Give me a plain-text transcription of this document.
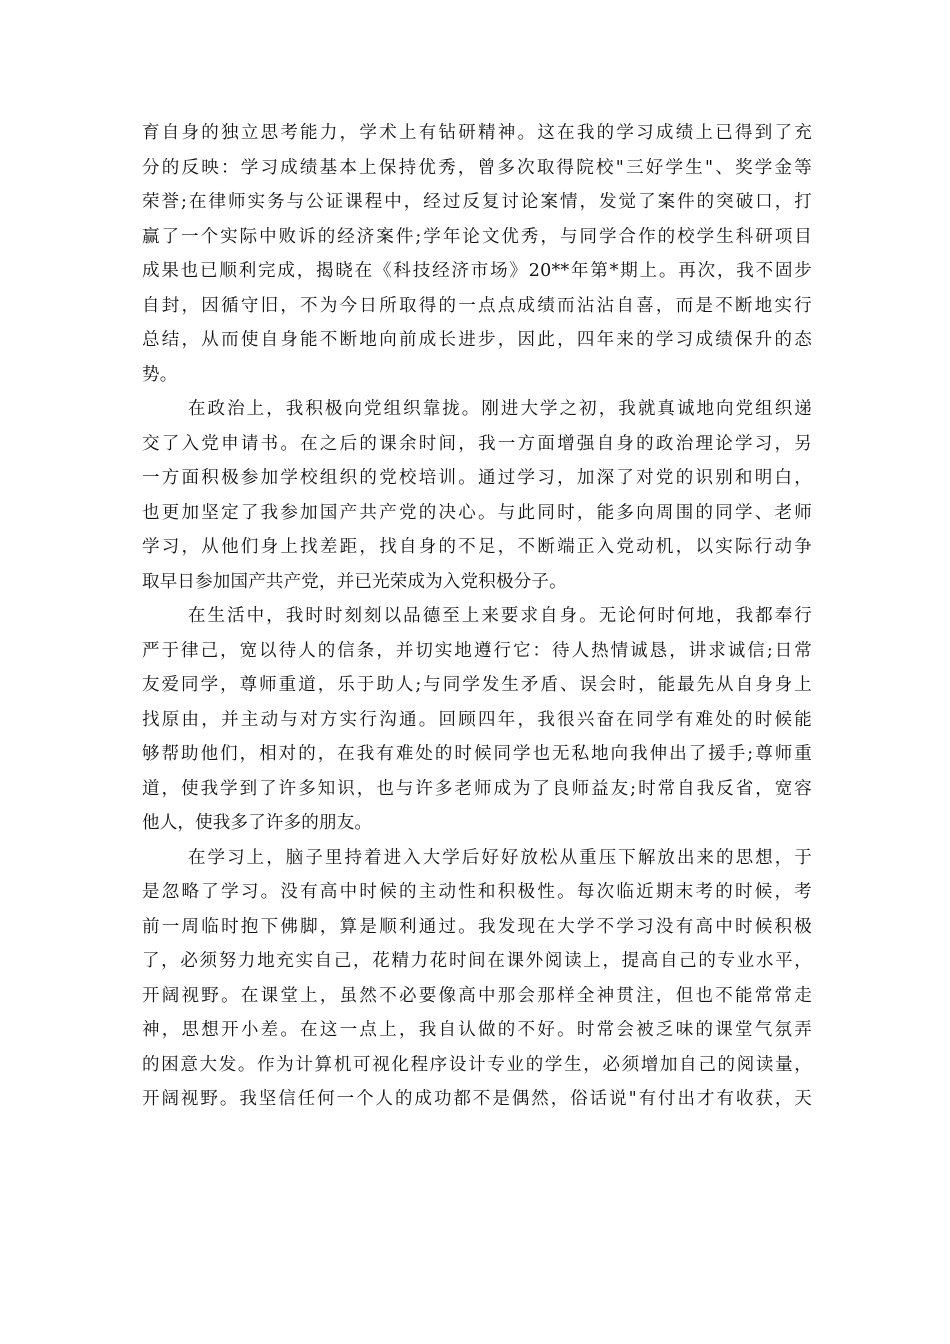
育自身的独立思考能力，学术上有钻研精神。这在我的学习成绩上已得到了充
分的反映：学习成绩基本上保持优秀，曾多次取得院校"三好学生"、奖学金等
荣誉;在律师实务与公证课程中，经过反复讨论案情，发觉了案件的突破口，打
赢了一个实际中败诉的经济案件;学年论文优秀，与同学合作的校学生科研项目
成果也已顺利完成，揭晓在《科技经济市场》20**年第*期上。再次，我不固步
自封，因循守旧，不为今日所取得的一点点成绩而沾沾自喜，而是不断地实行
总结，从而使自身能不断地向前成长进步，因此，四年来的学习成绩保升的态
势。
在政治上，我积极向党组织靠拢。刚进大学之初，我就真诚地向党组织递
交了入党申请书。在之后的课余时间，我一方面增强自身的政治理论学习，另
一方面积极参加学校组织的党校培训。通过学习，加深了对党的识别和明白，
也更加坚定了我参加国产共产党的决心。与此同时，能多向周围的同学、老师
学习，从他们身上找差距，找自身的不足，不断端正入党动机，以实际行动争
取早日参加国产共产党，并已光荣成为入党积极分子。
在生活中，我时时刻刻以品德至上来要求自身。无论何时何地，我都奉行
严于律己，宽以待人的信条，并切实地遵行它：待人热情诚恳，讲求诚信;日常
友爱同学，尊师重道，乐于助人;与同学发生矛盾、误会时，能最先从自身身上
找原由，并主动与对方实行沟通。回顾四年，我很兴奋在同学有难处的时候能
够帮助他们，相对的，在我有难处的时候同学也无私地向我伸出了援手;尊师重
道，使我学到了许多知识，也与许多老师成为了良师益友;时常自我反省，宽容
他人，使我多了许多的朋友。
在学习上，脑子里持着进入大学后好好放松从重压下解放出来的思想，于
是忽略了学习。没有高中时候的主动性和积极性。每次临近期末考的时候，考
前一周临时抱下佛脚，算是顺利通过。我发现在大学不学习没有高中时候积极
了，必须努力地充实自己，花精力花时间在课外阅读上，提高自己的专业水平，
开阔视野。在课堂上，虽然不必要像高中那会那样全神贯注，但也不能常常走
神，思想开小差。在这一点上，我自认做的不好。时常会被乏味的课堂气氛弄
的困意大发。作为计算机可视化程序设计专业的学生，必须增加自己的阅读量，
开阔视野。我坚信任何一个人的成功都不是偶然，俗话说"有付出才有收获，天
